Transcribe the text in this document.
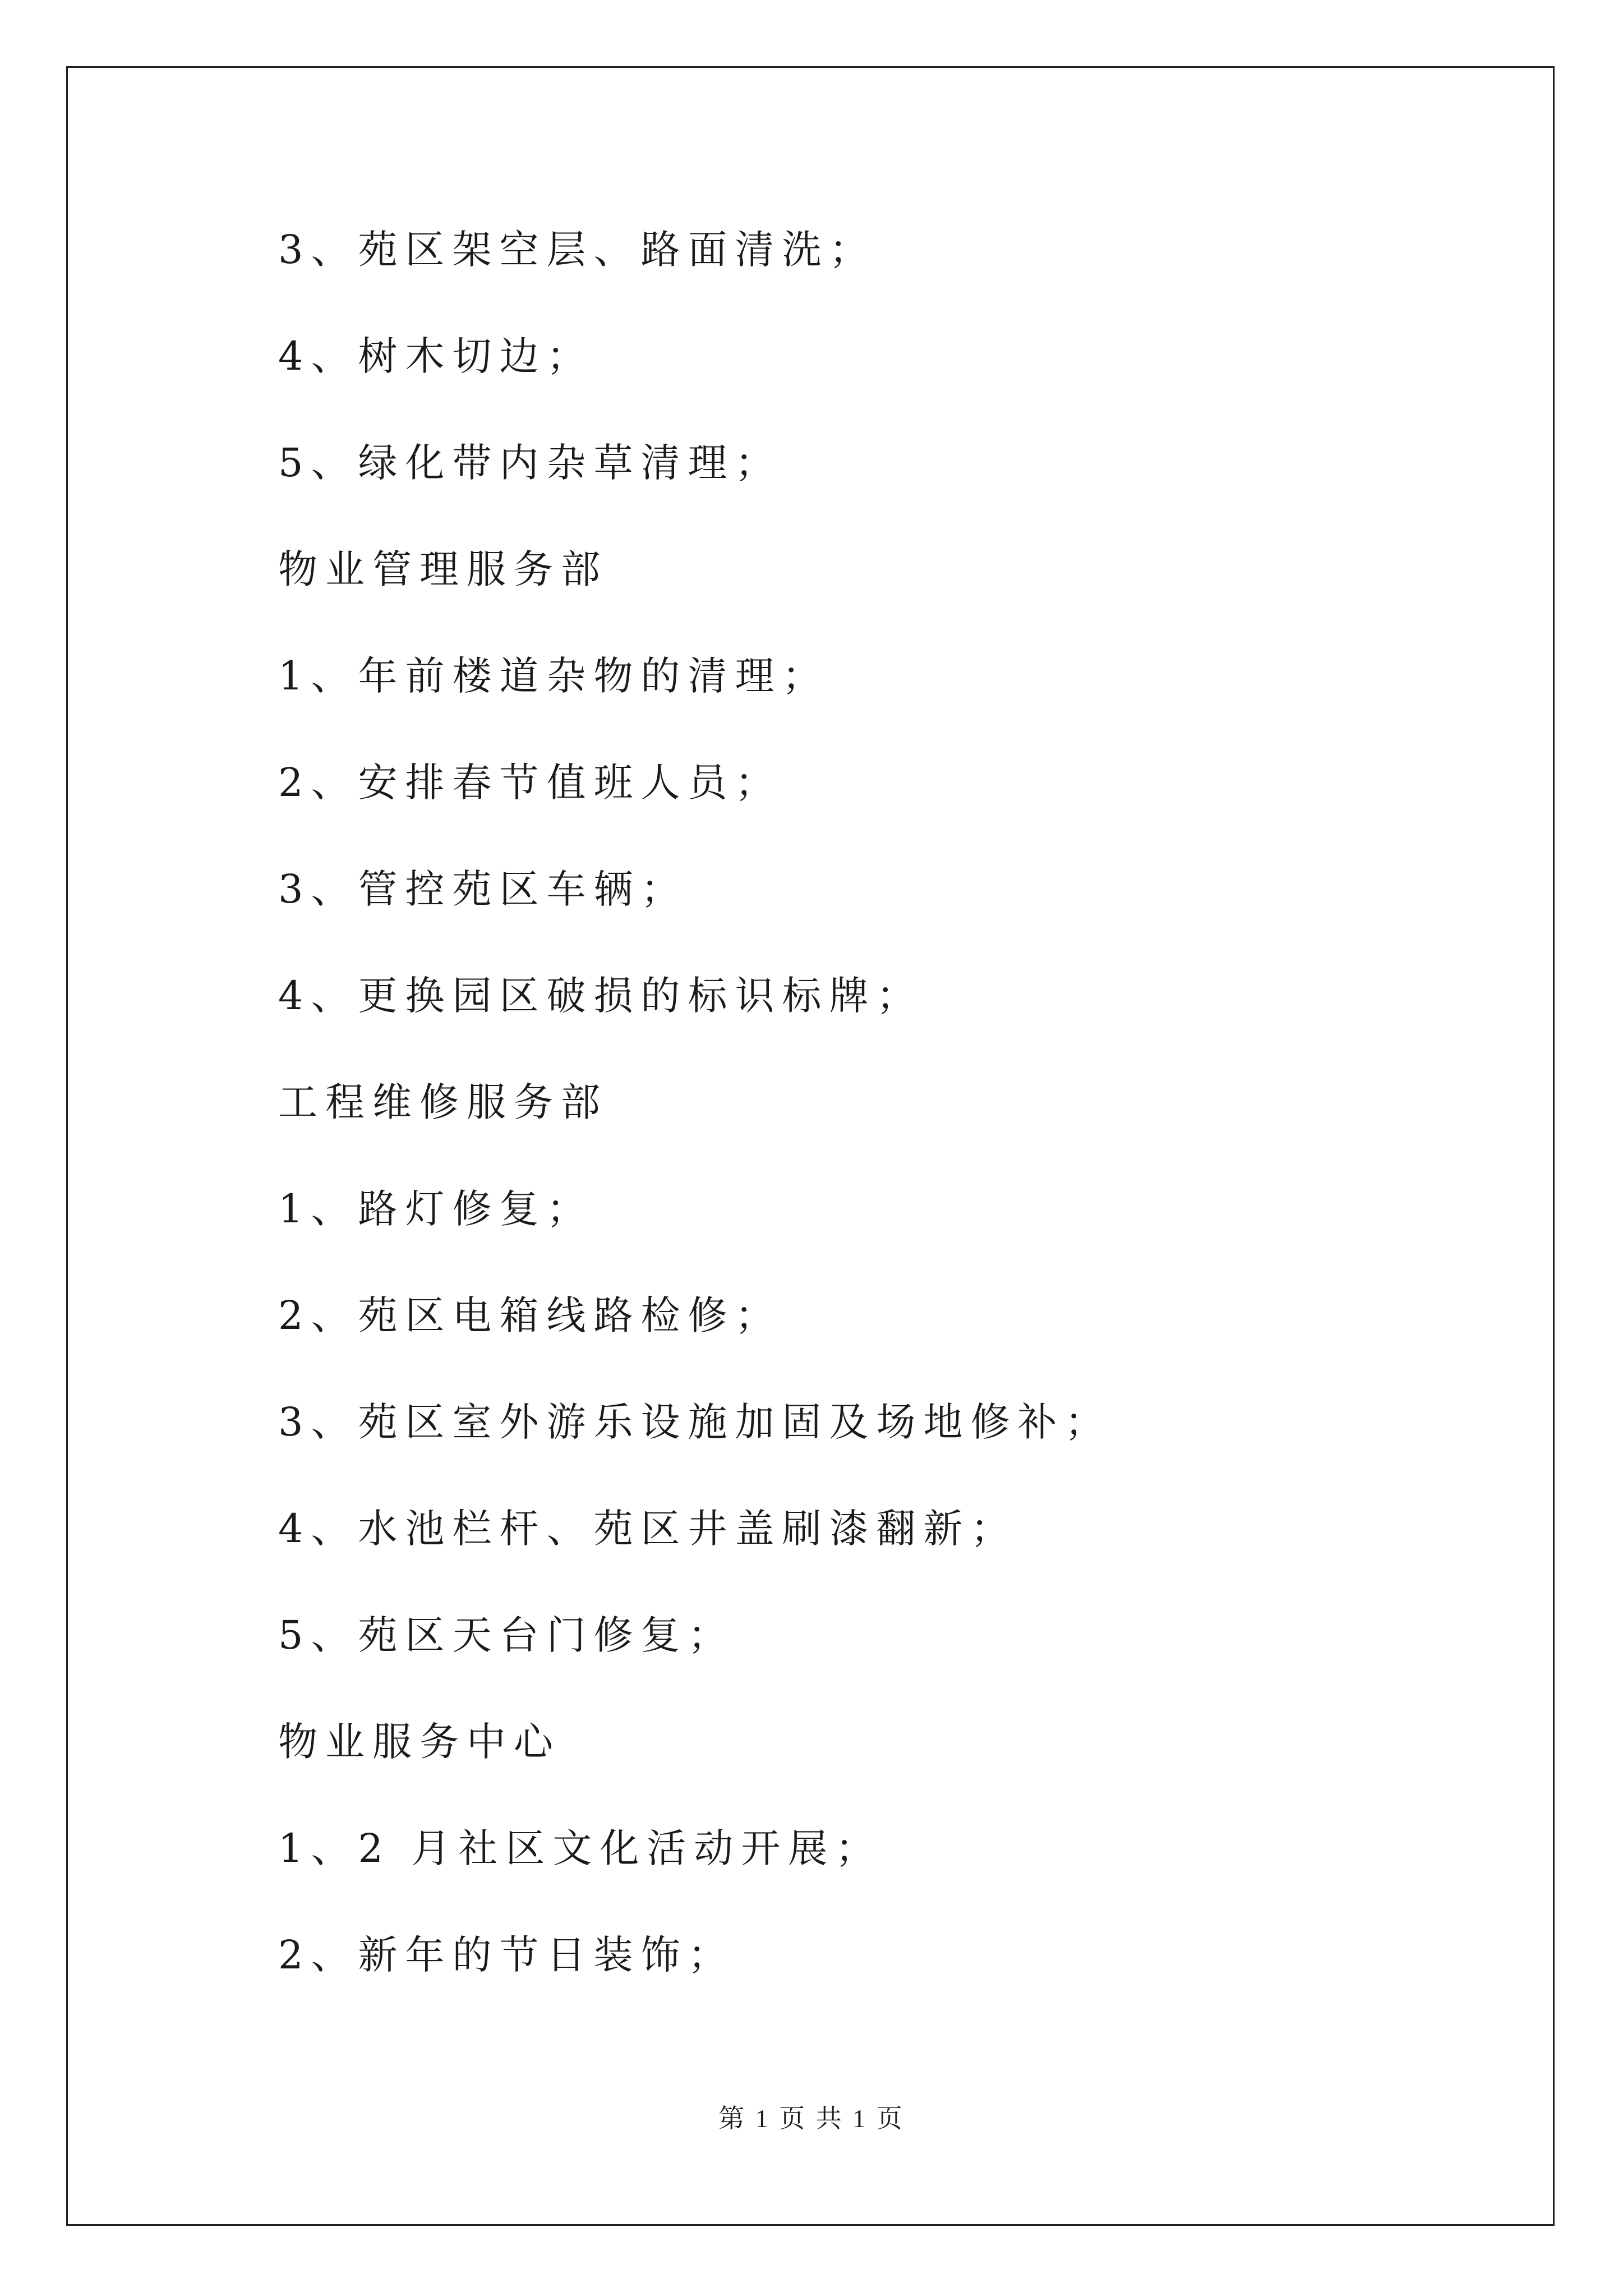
3、苑区架空层、路面清洗；
4、树木切边；
5、绿化带内杂草清理；
物业管理服务部
1、年前楼道杂物的清理；
2、安排春节值班人员；
3、管控苑区车辆；
4、更换园区破损的标识标牌；
工程维修服务部
1、路灯修复；
2、苑区电箱线路检修；
3、苑区室外游乐设施加固及场地修补；
4、水池栏杆、苑区井盖刷漆翻新；
5、苑区天台门修复；
物业服务中心
1、2 月社区文化活动开展；
2、新年的节日装饰；
第 1 页 共 1 页
